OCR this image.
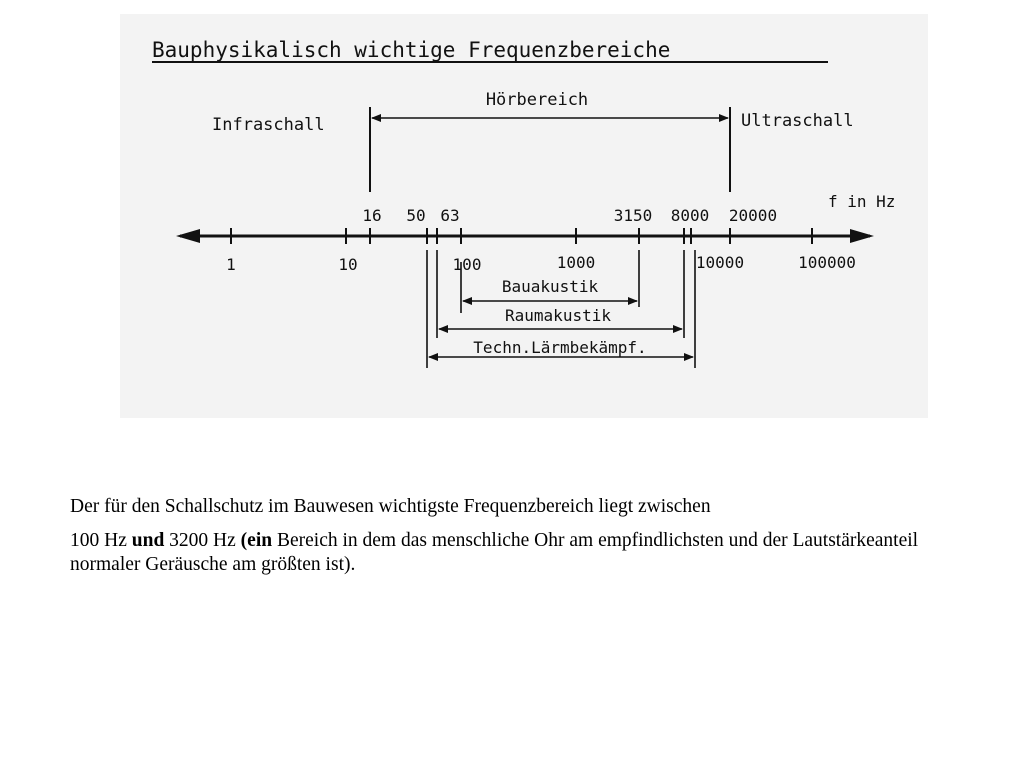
Bauphysikalisch wichtige Frequenzbereiche
Hörbereich
Infraschall	Ultraschall
f in Hz
16 50 63	3150 8000 20000
1	10	100	1000	10000	100000
Bauakustik
Raumakustik
Techn.Lärmbekämpf.

Der für den Schallschutz im Bauwesen wichtigste Frequenzbereich liegt zwischen

100 Hz und 3200 Hz (ein Bereich in dem das menschliche Ohr am empfindlichsten und der Lautstärkeanteil normaler Geräusche am größten ist).
